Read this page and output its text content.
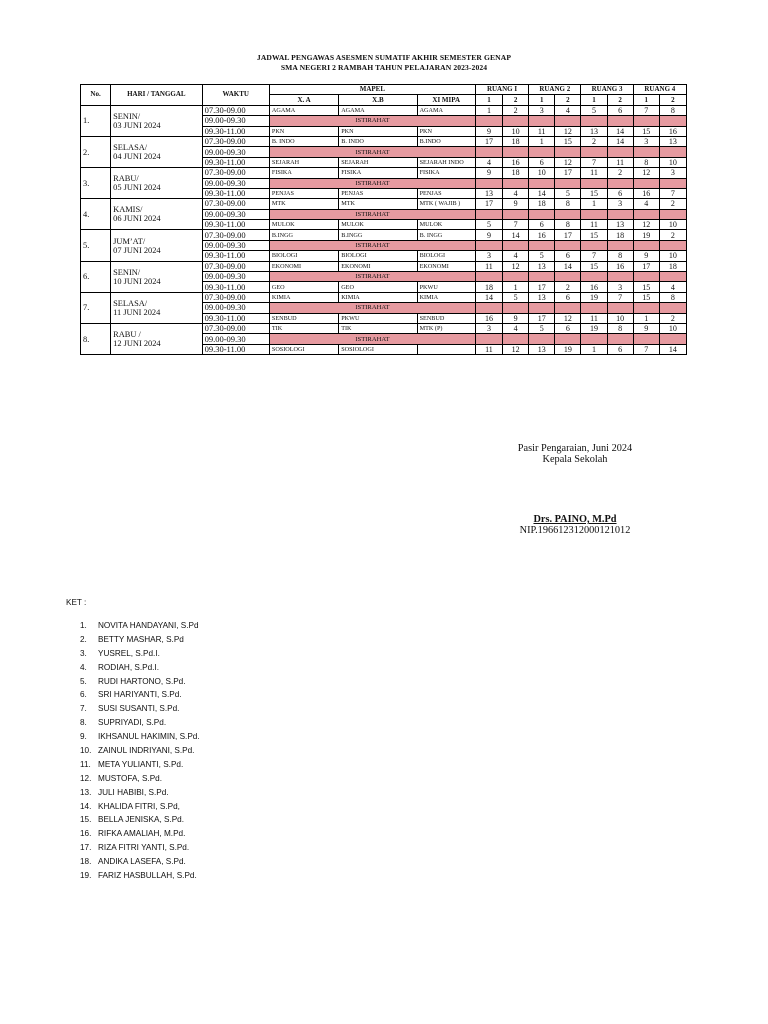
JADWAL PENGAWAS ASESMEN SUMATIF AKHIR SEMESTER GENAP
SMA NEGERI 2 RAMBAH TAHUN PELAJARAN 2023-2024
No.	HARI / TANGGAL	WAKTU	MAPEL			RUANG I		RUANG 2		RUANG 3		RUANG 4	
			X. A	X.B	XI MIPA	1	2	1	2	1	2	1	2
1.	SENIN/
03 JUNI 2024	07.30-09.00	AGAMA	AGAMA	AGAMA	1	2	3	4	5	6	7	8
		09.00-09.30	ISTIRAHAT										
		09.30-11.00	PKN	PKN	PKN	9	10	11	12	13	14	15	16
2.	SELASA/
04 JUNI 2024	07.30-09.00	B. INDO	B. INDO	B.INDO	17	18	1	15	2	14	3	13
		09.00-09.30	ISTIRAHAT										
		09.30-11.00	SEJARAH	SEJARAH	SEJARAH INDO	4	16	6	12	7	11	8	10
3.	RABU/
05 JUNI 2024	07.30-09.00	FISIKA	FISIKA	FISIKA	9	18	10	17	11	2	12	3
		09.00-09.30	ISTIRAHAT										
		09.30-11.00	PENJAS	PENJAS	PENJAS	13	4	14	5	15	6	16	7
4.	KAMIS/
06 JUNI 2024	07.30-09.00	MTK	MTK	MTK ( WAJIB )	17	9	18	8	1	3	4	2
		09.00-09.30	ISTIRAHAT										
		09.30-11.00	MULOK	MULOK	MULOK	5	7	6	8	11	13	12	10
5.	JUM’AT/
07 JUNI 2024	07.30-09.00	B.INGG	B.INGG	B. INGG	9	14	16	17	15	18	19	2
		09.00-09.30	ISTIRAHAT										
		09.30-11.00	BIOLOGI	BIOLOGI	BIOLOGI	3	4	5	6	7	8	9	10
6.	SENIN/
10 JUNI 2024	07.30-09.00	EKONOMI	EKONOMI	EKONOMI	11	12	13	14	15	16	17	18
		09.00-09.30	ISTIRAHAT										
		09.30-11.00	GEO	GEO	PKWU	18	1	17	2	16	3	15	4
7.	SELASA/
11 JUNI 2024	07.30-09.00	KIMIA	KIMIA	KIMIA	14	5	13	6	19	7	15	8
		09.00-09.30	ISTIRAHAT										
		09.30-11.00	SENBUD	PKWU	SENBUD	16	9	17	12	11	10	1	2
8.	RABU /
12 JUNI 2024	07.30-09.00	TIK	TIK	MTK (P)	3	4	5	6	19	8	9	10
		09.00-09.30	ISTIRAHAT										
		09.30-11.00	SOSIOLOGI	SOSIOLOGI		11	12	13	19	1	6	7	14
Pasir Pengaraian, Juni 2024
Kepala Sekolah
Drs. PAINO, M.Pd
NIP.196612312000121012
KET :
1. NOVITA HANDAYANI, S.Pd
2. BETTY MASHAR, S.Pd
3. YUSREL, S.Pd.I.
4. RODIAH, S.Pd.I.
5. RUDI HARTONO, S.Pd.
6. SRI HARIYANTI, S.Pd.
7. SUSI SUSANTI, S.Pd.
8. SUPRIYADI, S.Pd.
9. IKHSANUL HAKIMIN, S.Pd.
10. ZAINUL INDRIYANI, S.Pd.
11. META YULIANTI, S.Pd.
12. MUSTOFA, S.Pd.
13. JULI HABIBI, S.Pd.
14. KHALIDA FITRI, S.Pd,
15. BELLA JENISKA, S.Pd.
16. RIFKA AMALIAH, M.Pd.
17. RIZA FITRI YANTI, S.Pd.
18. ANDIKA LASEFA, S.Pd.
19. FARIZ HASBULLAH, S.Pd.
